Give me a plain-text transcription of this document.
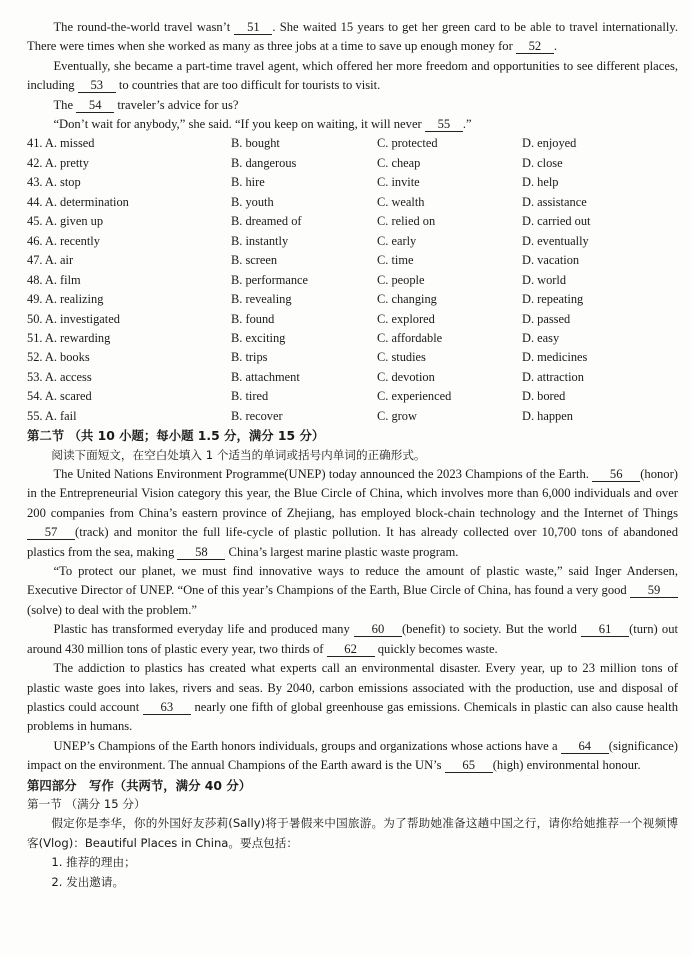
The round-the-world travel wasn’t 51 . She waited 15 years to get her green card to be able to travel internationally. There were times when she worked as many as three jobs at a time to save up enough money for 52 .

Eventually, she became a part-time travel agent, which offered her more freedom and opportunities to see different places, including 53 to countries that are too difficult for tourists to visit.

The 54 traveler’s advice for us?

“Don’t wait for anybody,” she said. “If you keep on waiting, it will never 55 .”

41. A. missed	B. bought	C. protected	D. enjoyed
42. A. pretty	B. dangerous	C. cheap	D. close
43. A. stop	B. hire	C. invite	D. help
44. A. determination	B. youth	C. wealth	D. assistance
45. A. given up	B. dreamed of	C. relied on	D. carried out
46. A. recently	B. instantly	C. early	D. eventually
47. A. air	B. screen	C. time	D. vacation
48. A. film	B. performance	C. people	D. world
49. A. realizing	B. revealing	C. changing	D. repeating
50. A. investigated	B. found	C. explored	D. passed
51. A. rewarding	B. exciting	C. affordable	D. easy
52. A. books	B. trips	C. studies	D. medicines
53. A. access	B. attachment	C. devotion	D. attraction
54. A. scared	B. tired	C. experienced	D. bored
55. A. fail	B. recover	C. grow	D. happen

第二节 （共 10 小题；每小题 1.5 分，满分 15 分）

阅读下面短文，在空白处填入 1 个适当的单词或括号内单词的正确形式。

The United Nations Environment Programme(UNEP) today announced the 2023 Champions of the Earth. 56 (honor) in the Entrepreneurial Vision category this year, the Blue Circle of China, which involves more than 6,000 individuals and over 200 companies from China’s eastern province of Zhejiang, has employed block-chain technology and the Internet of Things 57 (track) and monitor the full life-cycle of plastic pollution. It has already collected over 10,700 tons of abandoned plastics from the sea, making 58 China’s largest marine plastic waste program.

“To protect our planet, we must find innovative ways to reduce the amount of plastic waste,” said Inger Andersen, Executive Director of UNEP. “One of this year’s Champions of the Earth, Blue Circle of China, has found a very good 59(solve) to deal with the problem.”

Plastic has transformed everyday life and produced many 60 (benefit) to society. But the world 61 (turn) out around 430 million tons of plastic every year, two thirds of 62 quickly becomes waste.

The addiction to plastics has created what experts call an environmental disaster. Every year, up to 23 million tons of plastic waste goes into lakes, rivers and seas. By 2040, carbon emissions associated with the production, use and disposal of plastics could account 63 nearly one fifth of global greenhouse gas emissions. Chemicals in plastic can also cause health problems in humans.

UNEP’s Champions of the Earth honors individuals, groups and organizations whose actions have a 64 (significance) impact on the environment. The annual Champions of the Earth award is the UN’s 65 (high) environmental honour.

第四部分　写作（共两节，满分 40 分）

第一节 （满分 15 分）

假定你是李华，你的外国好友莎莉(Sally)将于暑假来中国旅游。为了帮助她准备这趟中国之行，请你给她推荐一个视频博客(Vlog)：Beautiful Places in China。要点包括：

1. 推荐的理由；

2. 发出邀请。
